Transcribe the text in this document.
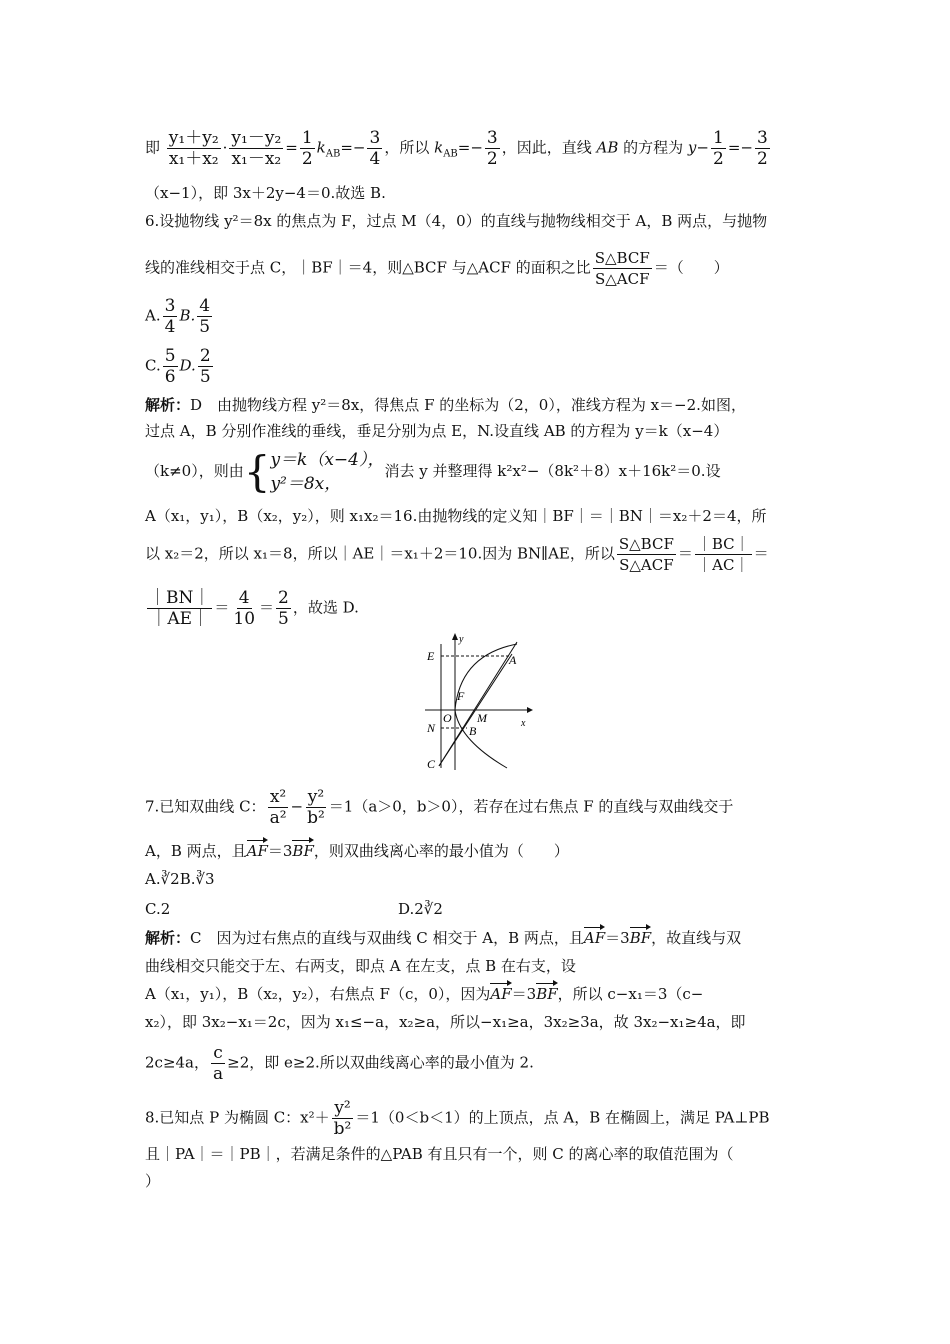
即 $\frac{\text{y₁＋y₂}}{\text{x₁＋x₂}} \cdot \frac{\text{y₁－y₂}}{\text{x₁－x₂}} = \frac{1}{2} k_{AB}=- \frac{3}{4}$ ，所以 $k_{AB}=- \frac{3}{2}$ ，因此，直线 AB 的方程为 $y- \frac{1}{2} =- \frac{3}{2}$
（x−1），即 3x＋2y−4＝0.故选 B.
6.设抛物线 y²＝8x 的焦点为 F，过点 M（4，0）的直线与抛物线相交于 A，B 两点，与抛物
线的准线相交于点 C，｜BF｜＝4，则△BCF 与△ACF 的面积之比 $\frac{\text{S△BCF}}{\text{S△ACF}}$ ＝（　　）
A. $\frac{3}{4} B$. $\frac{4}{5}$
C. $\frac{5}{6} D$. $\frac{2}{5}$
解析：D　由抛物线方程 y²＝8x，得焦点 F 的坐标为（2，0），准线方程为 x＝−2.如图，
过点 A，B 分别作准线的垂线，垂足分别为点 E，N.设直线 AB 的方程为 y＝k（x−4）
（k≠0），则由{ y＝k（x−4），
y²＝8x，
消去 y 并整理得 k²x²−（8k²＋8）x＋16k²＝0.设
A（x₁，y₁），B（x₂，y₂），则 x₁x₂＝16.由抛物线的定义知｜BF｜＝｜BN｜＝x₂＋2＝4，所
以 x₂＝2，所以 x₁＝8，所以｜AE｜＝x₁＋2＝10.因为 BN∥AE，所以 $\frac{\text{S△BCF}}{\text{S△ACF}} = \frac{|BC|}{|AC|}$ ＝
$\frac{|BN|}{|AE|} = \frac{4}{10} = \frac{2}{5}$ ，故选 D.
E	A
F
O M
N	B
C
x
y
7.已知双曲线 C： $\frac{\text{x²}}{\text{a²}} - \frac{\text{y²}}{\text{b²}} =1(a>0$，b＞0），若存在过右焦点 F 的直线与双曲线交于
A，B 两点，且AF＝3BF，则双曲线离心率的最小值为（　　）
A.∛2B.∛3
C.2	D.2∛2
解析：C　因为过右焦点的直线与双曲线 C 相交于 A，B 两点，且AF＝3BF，故直线与双
曲线相交只能交于左、右两支，即点 A 在左支，点 B 在右支，设
A（x₁，y₁），B（x₂，y₂），右焦点 F（c，0），因为AF＝3BF，所以 c−x₁＝3（c−
x₂），即 3x₂−x₁＝2c，因为 x₁≤−a，x₂≥a，所以−x₁≥a，3x₂≥3a，故 3x₂−x₁≥4a，即
2c≥4a， $\frac{c}{a} \ge 2$，即 e≥2.所以双曲线离心率的最小值为 2.
8.已知点 P 为椭圆 C：$x^2+ \frac{\text{y²}}{\text{b²}} =1(0<b<1)$的上顶点，点 A，B 在椭圆上，满足 PA⊥PB
且｜PA｜＝｜PB｜，若满足条件的△PAB 有且只有一个，则 C 的离心率的取值范围为（
）
